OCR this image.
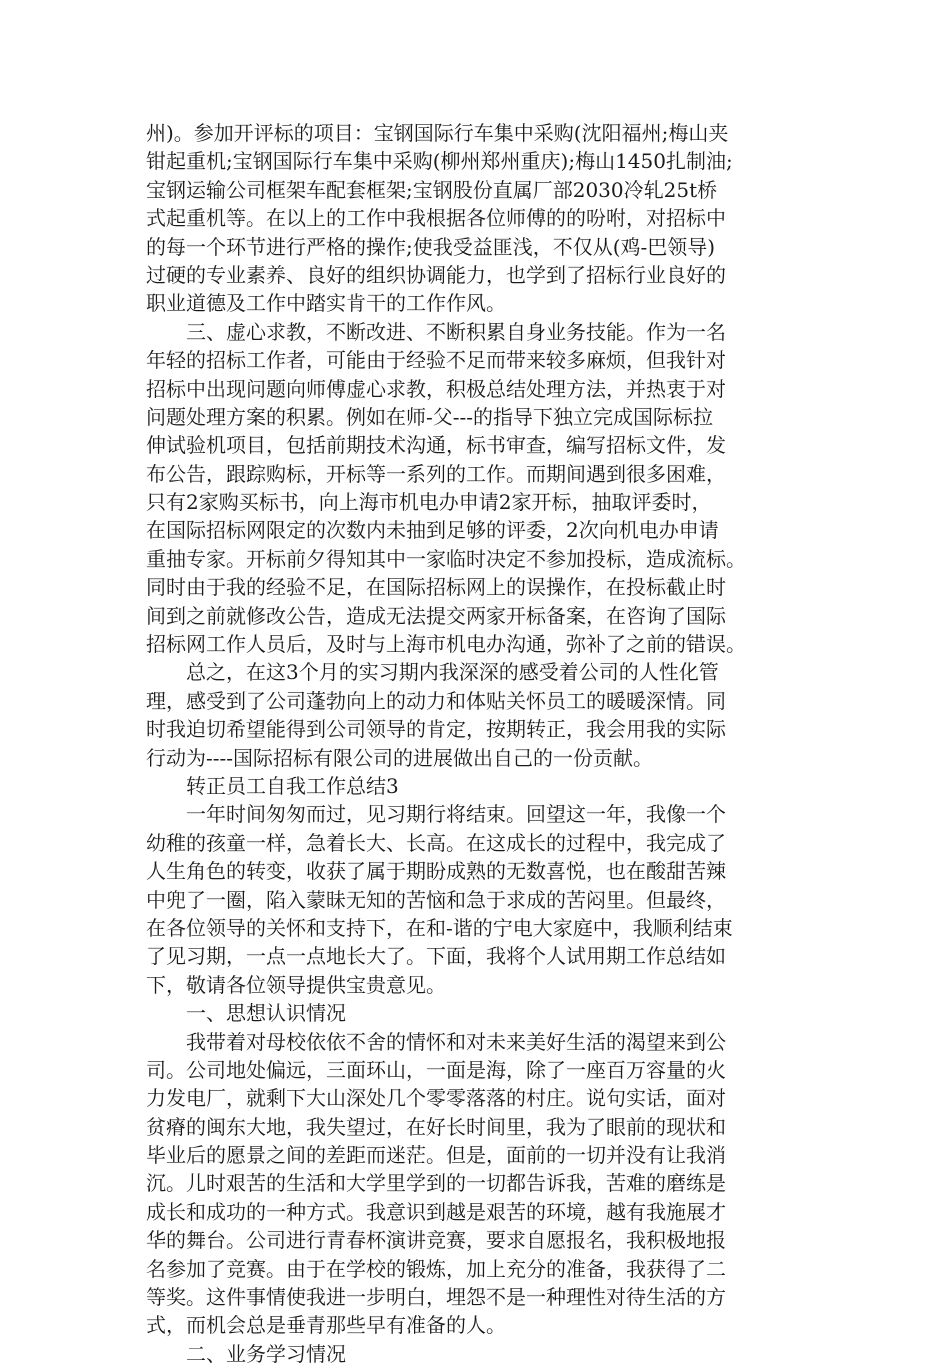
州)。参加开评标的项目：宝钢国际行车集中采购(沈阳福州;梅山夹
钳起重机;宝钢国际行车集中采购(柳州郑州重庆);梅山1450扎制油;
宝钢运输公司框架车配套框架;宝钢股份直属厂部2030冷轧25t桥
式起重机等。在以上的工作中我根据各位师傅的的吩咐，对招标中
的每一个环节进行严格的操作;使我受益匪浅，不仅从(鸡-巴领导)
过硬的专业素养、良好的组织协调能力，也学到了招标行业良好的
职业道德及工作中踏实肯干的工作作风。
三、虚心求教，不断改进、不断积累自身业务技能。作为一名
年轻的招标工作者，可能由于经验不足而带来较多麻烦，但我针对
招标中出现问题向师傅虚心求教，积极总结处理方法，并热衷于对
问题处理方案的积累。例如在师-父---的指导下独立完成国际标拉
伸试验机项目，包括前期技术沟通，标书审查，编写招标文件，发
布公告，跟踪购标，开标等一系列的工作。而期间遇到很多困难，
只有2家购买标书，向上海市机电办申请2家开标，抽取评委时，
在国际招标网限定的次数内未抽到足够的评委，2次向机电办申请
重抽专家。开标前夕得知其中一家临时决定不参加投标，造成流标。
同时由于我的经验不足，在国际招标网上的误操作，在投标截止时
间到之前就修改公告，造成无法提交两家开标备案，在咨询了国际
招标网工作人员后，及时与上海市机电办沟通，弥补了之前的错误。
总之，在这3个月的实习期内我深深的感受着公司的人性化管
理，感受到了公司蓬勃向上的动力和体贴关怀员工的暖暖深情。同
时我迫切希望能得到公司领导的肯定，按期转正，我会用我的实际
行动为----国际招标有限公司的进展做出自己的一份贡献。
转正员工自我工作总结3
一年时间匆匆而过，见习期行将结束。回望这一年，我像一个
幼稚的孩童一样，急着长大、长高。在这成长的过程中，我完成了
人生角色的转变，收获了属于期盼成熟的无数喜悦，也在酸甜苦辣
中兜了一圈，陷入蒙昧无知的苦恼和急于求成的苦闷里。但最终，
在各位领导的关怀和支持下，在和-谐的宁电大家庭中，我顺利结束
了见习期，一点一点地长大了。下面，我将个人试用期工作总结如
下，敬请各位领导提供宝贵意见。
一、思想认识情况
我带着对母校依依不舍的情怀和对未来美好生活的渴望来到公
司。公司地处偏远，三面环山，一面是海，除了一座百万容量的火
力发电厂，就剩下大山深处几个零零落落的村庄。说句实话，面对
贫瘠的闽东大地，我失望过，在好长时间里，我为了眼前的现状和
毕业后的愿景之间的差距而迷茫。但是，面前的一切并没有让我消
沉。儿时艰苦的生活和大学里学到的一切都告诉我，苦难的磨练是
成长和成功的一种方式。我意识到越是艰苦的环境，越有我施展才
华的舞台。公司进行青春杯演讲竞赛，要求自愿报名，我积极地报
名参加了竞赛。由于在学校的锻炼，加上充分的准备，我获得了二
等奖。这件事情使我进一步明白，埋怨不是一种理性对待生活的方
式，而机会总是垂青那些早有准备的人。
二、业务学习情况
